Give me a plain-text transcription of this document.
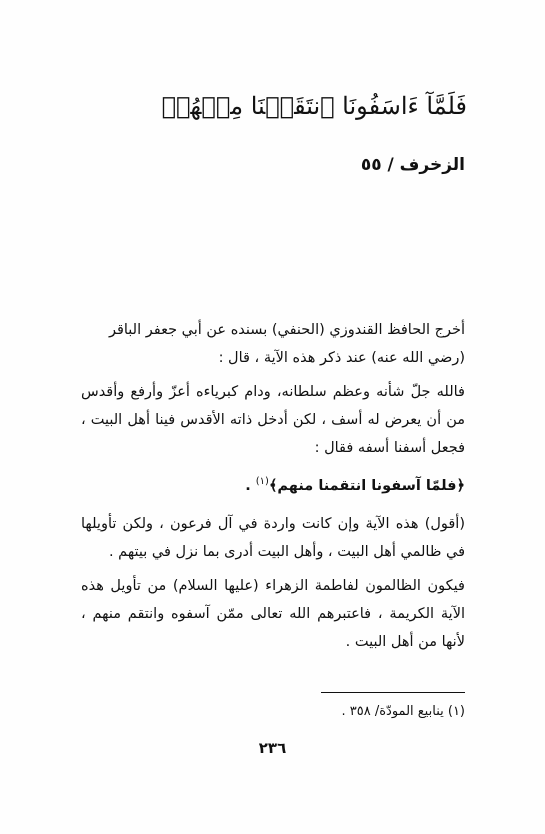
فَلَمَّآ ءَاسَفُونَا ٱنتَقَمۡنَا مِنۡهُمۡ
الزخرف / ٥٥

أخرج الحافظ القندوزي (الحنفي) بسنده عن أبي جعفر الباقر

(رضي الله عنه) عند ذكر هذه الآية ، قال :

فالله جلّ شأنه وعظم سلطانه، ودام كبرياءه أعزّ وأرفع وأقدس من أن يعرض له أسف ، لكن أدخل ذاته الأقدس فينا أهل البيت ، فجعل أسفنا أسفه فقال :

﴿فلمّا آسفونا انتقمنا منهم﴾$^{(١)}$ .

(أقول) هذه الآية وإن كانت واردة في آل فرعون ، ولكن تأويلها في ظالمي أهل البيت ، وأهل البيت أدرى بما نزل في بيتهم .

فيكون الظالمون لفاطمة الزهراء (عليها السلام) من تأويل هذه الآية الكريمة ، فاعتبرهم الله تعالى ممّن آسفوه وانتقم منهم ، لأنها من أهل البيت .

(١) ينابيع المودّة/ ٣٥٨ .
٢٣٦
